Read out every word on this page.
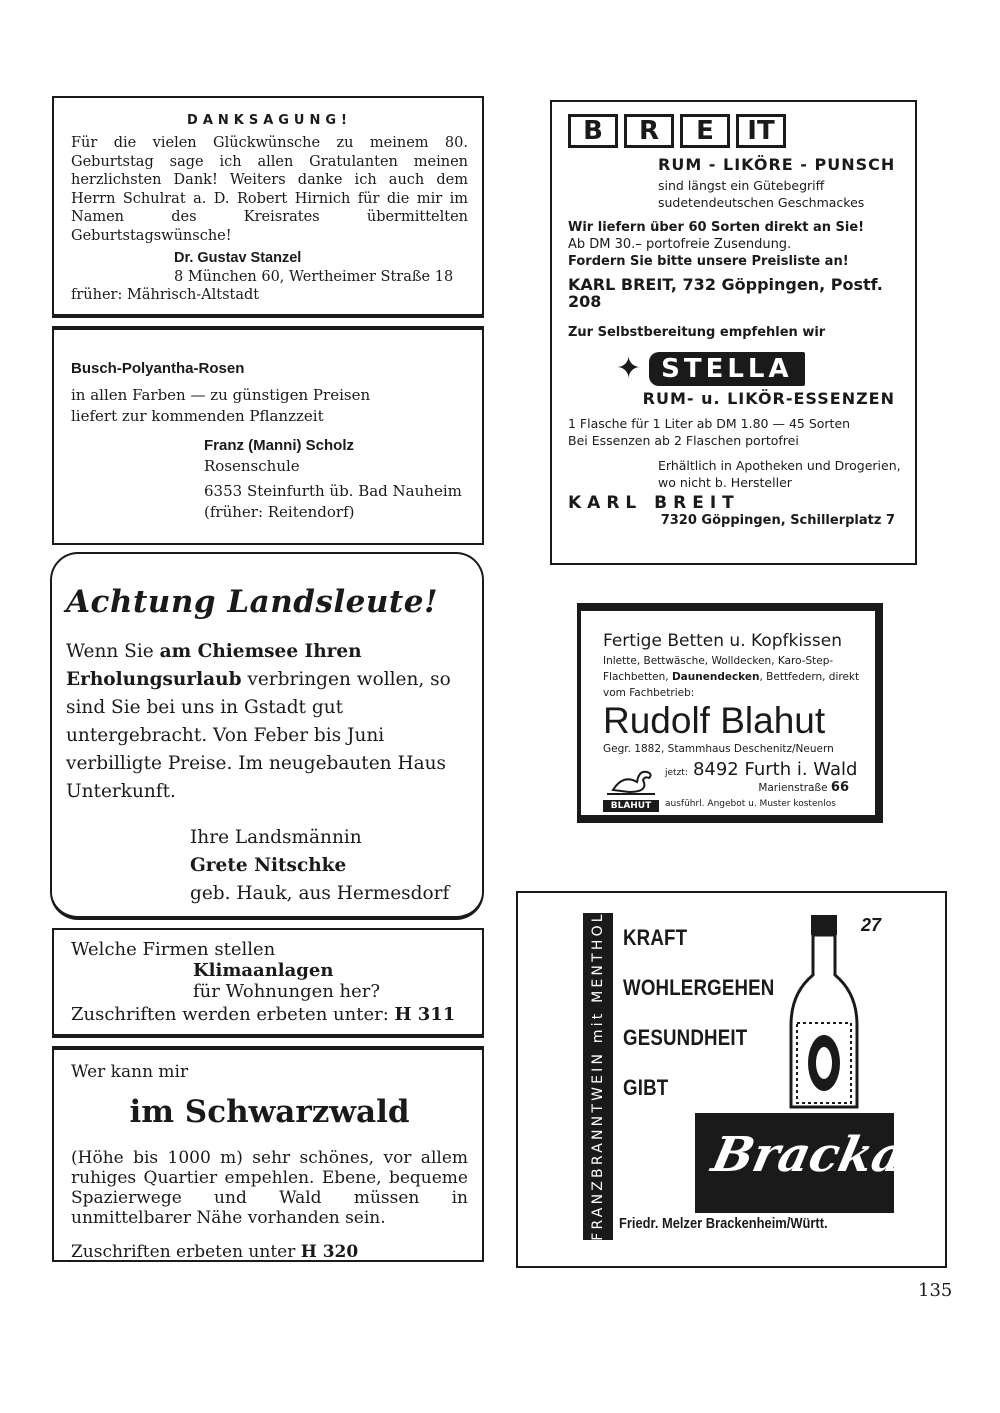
DANKSAGUNG!

Für die vielen Glückwünsche zu meinem 80. Geburtstag sage ich allen Gratulanten meinen herzlichsten Dank! Weiters danke ich auch dem Herrn Schulrat a. D. Robert Hirnich für die mir im Namen des Kreisrates übermittelten Geburtstagswünsche!

Dr. Gustav Stanzel

8 München 60, Wertheimer Straße 18

früher: Mährisch-Altstadt

Busch-Polyantha-Rosen

in allen Farben — zu günstigen Preisen

liefert zur kommenden Pflanzzeit

Franz (Manni) Scholz

Rosenschule

6353 Steinfurth üb. Bad Nauheim

(früher: Reitendorf)

Achtung Landsleute!

Wenn Sie am Chiemsee Ihren Erholungsurlaub verbringen wollen, so sind Sie bei uns in Gstadt gut untergebracht. Von Feber bis Juni verbilligte Preise. Im neugebauten Haus Unterkunft.

Ihre Landsmännin

Grete Nitschke

geb. Hauk, aus Hermesdorf

Welche Firmen stellen

Klimaanlagen

für Wohnungen her?

Zuschriften werden erbeten unter: H 311

Wer kann mir

im Schwarzwald

(Höhe bis 1000 m) sehr schönes, vor allem ruhiges Quartier empehlen. Ebene, bequeme Spazierwege und Wald müssen in unmittelbarer Nähe vorhanden sein.

Zuschriften erbeten unter H 320

B	R	E	IT

RUM - LIKÖRE - PUNSCH

sind längst ein Gütebegriff sudetendeutschen Geschmackes

Wir liefern über 60 Sorten direkt an Sie!

Ab DM 30.– portofreie Zusendung.

Fordern Sie bitte unsere Preisliste an!

KARL BREIT, 732 Göppingen, Postf. 208

Zur Selbstbereitung empfehlen wir

✦ STELLA

RUM- u. LIKÖR-ESSENZEN

1 Flasche für 1 Liter ab DM 1.80 — 45 Sorten

Bei Essenzen ab 2 Flaschen portofrei

Erhältlich in Apotheken und Drogerien, wo nicht b. Hersteller

KARL BREIT

7320 Göppingen, Schillerplatz 7

Fertige Betten u. Kopfkissen

Inlette, Bettwäsche, Wolldecken, Karo-Step-Flachbetten, Daunendecken, Bettfedern, direkt vom Fachbetrieb:

Rudolf Blahut

Gegr. 1882, Stammhaus Deschenitz/Neuern

BLAHUT

jetzt: 8492 Furth i. Wald

Marienstraße 66

ausführl. Angebot u. Muster kostenlos

FRANZBRANNTWEIN mit MENTHOL KRAFT
WOHLERGEHEN
GESUNDHEIT
GIBT
27
Brackal
Friedr. Melzer Brackenheim/Württ.
135
